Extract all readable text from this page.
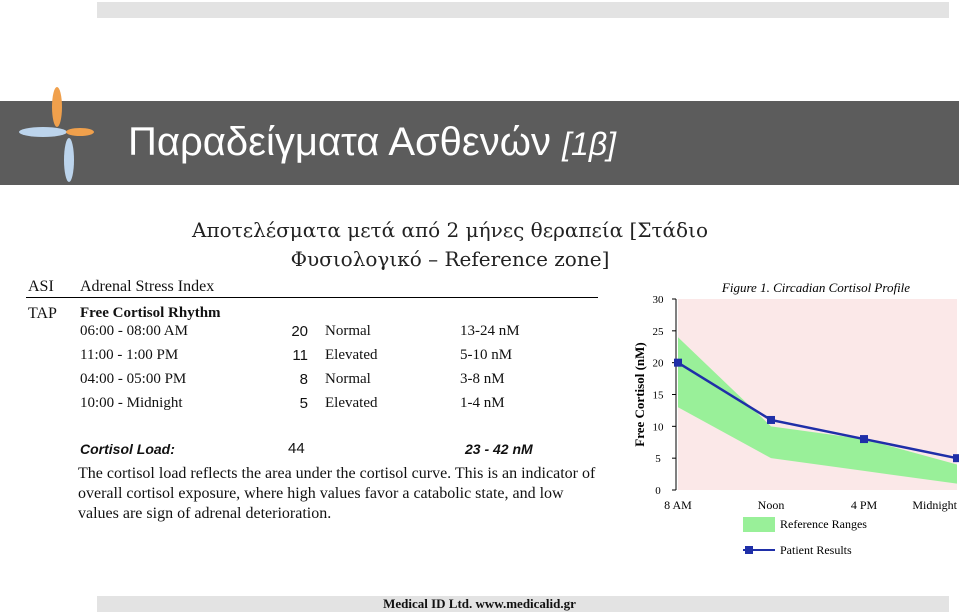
Παραδείγματα Ασθενών [1β]
Αποτελέσματα μετά από 2 μήνες θεραπεία [Στάδιο
Φυσιολογικό – Reference zone]
ASI Adrenal Stress Index
TAP Free Cortisol Rhythm
06:00 - 08:00 AM	20 Normal	13-24 nM
11:00 - 1:00 PM	11 Elevated	5-10 nM
04:00 - 05:00 PM	8 Normal	3-8 nM
10:00 - Midnight	5 Elevated	1-4 nM
Cortisol Load:	44	23 - 42 nM
The cortisol load reflects the area under the cortisol curve. This is an indicator of overall cortisol exposure, where high values favor a catabolic state, and low values are sign of adrenal deterioration.
0
5
10
15
20
25
30
8 AM	Noon	4 PM	Midnight
Figure 1. Circadian Cortisol Profile
Free Cortisol (nM)
Reference Ranges
Patient Results
Medical ID Ltd. www.medicalid.gr
